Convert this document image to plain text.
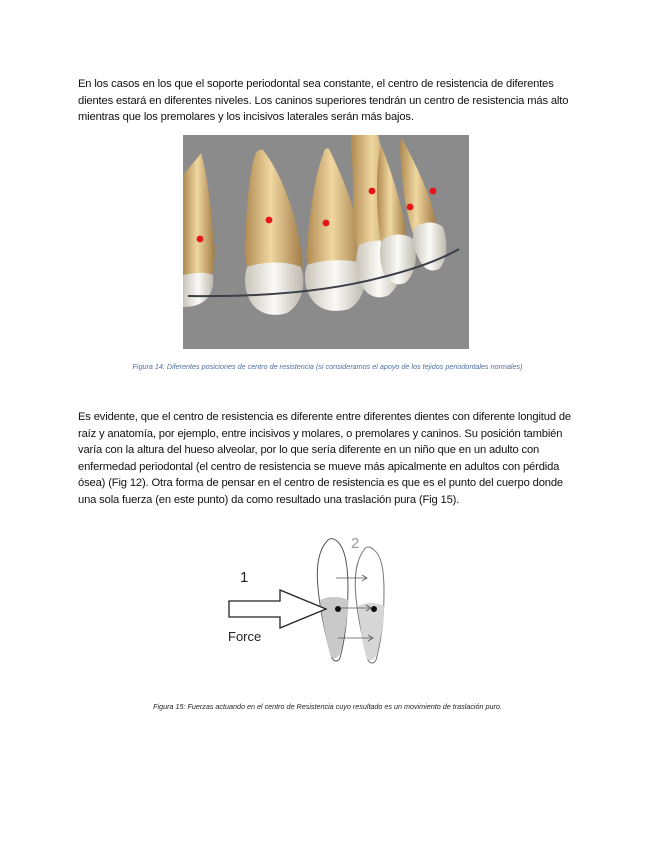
En los casos en los que el soporte periodontal sea constante, el centro de resistencia de diferentes dientes estará en diferentes niveles. Los caninos superiores tendrán un centro de resistencia más alto mientras que los premolares y los incisivos laterales serán más bajos.

Figura 14: Diferentes posiciones de centro de resistencia (si consideramos el apoyo de los tejidos periodontales normales)

Es evidente, que el centro de resistencia es diferente entre diferentes dientes con diferente longitud de raíz y anatomía, por ejemplo, entre incisivos y molares, o premolares y caninos. Su posición también varía con la altura del hueso alveolar, por lo que sería diferente en un niño que en un adulto con enfermedad periodontal (el centro de resistencia se mueve más apicalmente en adultos con pérdida ósea) (Fig 12). Otra forma de pensar en el centro de resistencia es que es el punto del cuerpo donde una sola fuerza (en este punto) da como resultado una traslación pura (Fig 15).

1
2
Force

Figura 15: Fuerzas actuando en el centro de Resistencia cuyo resultado es un movimiento de traslación puro.
